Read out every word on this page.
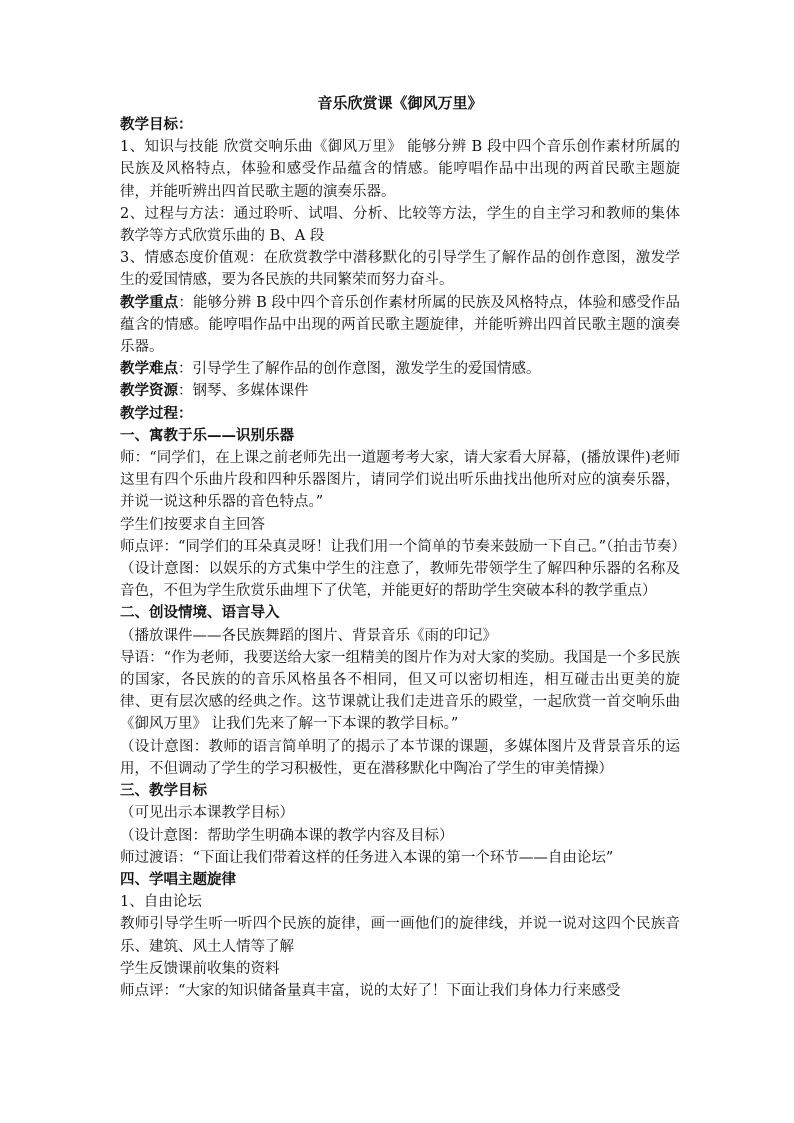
音乐欣赏课《御风万里》
教学目标：

1、知识与技能 欣赏交响乐曲《御风万里》 能够分辨 B 段中四个音乐创作素材所属的民族及风格特点，体验和感受作品蕴含的情感。能哼唱作品中出现的两首民歌主题旋律，并能听辨出四首民歌主题的演奏乐器。

2、过程与方法：通过聆听、试唱、分析、比较等方法，学生的自主学习和教师的集体教学等方式欣赏乐曲的 B、A 段

3、情感态度价值观：在欣赏教学中潜移默化的引导学生了解作品的创作意图，激发学生的爱国情感，要为各民族的共同繁荣而努力奋斗。

教学重点：能够分辨 B 段中四个音乐创作素材所属的民族及风格特点，体验和感受作品蕴含的情感。能哼唱作品中出现的两首民歌主题旋律，并能听辨出四首民歌主题的演奏乐器。

教学难点：引导学生了解作品的创作意图，激发学生的爱国情感。

教学资源：钢琴、多媒体课件

教学过程：
一、寓教于乐——识别乐器

师：“同学们，在上课之前老师先出一道题考考大家，请大家看大屏幕，(播放课件)老师这里有四个乐曲片段和四种乐器图片，请同学们说出听乐曲找出他所对应的演奏乐器，并说一说这种乐器的音色特点。”

学生们按要求自主回答

师点评：“同学们的耳朵真灵呀！让我们用一个简单的节奏来鼓励一下自己。”（拍击节奏）

（设计意图：以娱乐的方式集中学生的注意了，教师先带领学生了解四种乐器的名称及音色，不但为学生欣赏乐曲埋下了伏笔，并能更好的帮助学生突破本科的教学重点）

二、创设情境、语言导入

（播放课件——各民族舞蹈的图片、背景音乐《雨的印记》

导语：“作为老师，我要送给大家一组精美的图片作为对大家的奖励。我国是一个多民族的国家，各民族的的音乐风格虽各不相同，但又可以密切相连，相互碰击出更美的旋律、更有层次感的经典之作。这节课就让我们走进音乐的殿堂，一起欣赏一首交响乐曲《御风万里》 让我们先来了解一下本课的教学目标。”

（设计意图：教师的语言简单明了的揭示了本节课的课题，多媒体图片及背景音乐的运用，不但调动了学生的学习积极性，更在潜移默化中陶冶了学生的审美情操）

三、教学目标

（可见出示本课教学目标）

（设计意图：帮助学生明确本课的教学内容及目标）

师过渡语：“下面让我们带着这样的任务进入本课的第一个环节——自由论坛”

四、学唱主题旋律

1、自由论坛

教师引导学生听一听四个民族的旋律，画一画他们的旋律线，并说一说对这四个民族音乐、建筑、风土人情等了解

学生反馈课前收集的资料

师点评：“大家的知识储备量真丰富，说的太好了！下面让我们身体力行来感受
